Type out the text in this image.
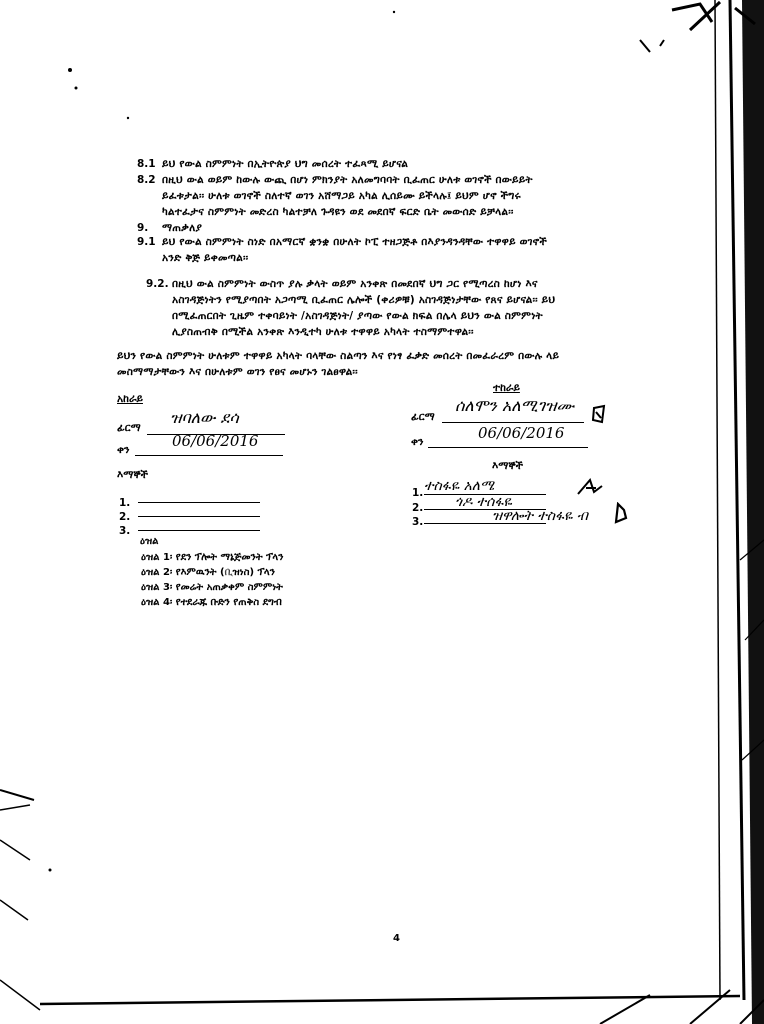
8.1 ይህ የውል ስምምነት በኢትዮጵያ ህግ መሰረት ተፈጻሚ ይሆናል
8.2 በዚህ ውል ወይም ከውሉ ውጪ በሆነ ምክንያት አለመግባባት ቢፈጠር ሁለቱ ወገኖች በውይይት
ይፈቱታል፡፡ ሁለቱ ወገኖች ስለተኛ ወገን አሸማጋይ አካል ሊሰይሙ ይችላሉ፤ ይህም ሆኖ ችግሩ
ካልተፈታና ስምምነት መድረስ ካልተቻለ ጉዳዩን ወደ መደበኛ ፍርድ ቤት መውሰድ ይቻላል፡፡
9. ማጠቃለያ
9.1 ይህ የውል ስምምነት ስነድ በአማርኛ ቋንቋ በሁለት ኮፒ ተዘጋጅቶ በእያንዳንዳቸው ተዋዋይ ወገኖች
አንድ ቅጅ ይቀመጣል፡፡
9.2. በዚህ ውል ስምምነት ውስጥ ያሉ ቃላት ወይም አንቀጽ በመደበኛ ህግ ጋር የሚጣረስ ከሆነ እና
አስገዳጅነትን የሚያጣበት አጋጣሚ ቢፈጠር ሌሎች (ቀሪዎቹ) አስገዳጅነታቸው የጸና ይሆናል፡፡ ይህ
በሚፈጠርበት ጊዜም ተቀባይነት /አስገዳጅነት/ ያጣው የውል ክፍል በሌላ ይህን ውል ስምምነት
ሊያስጠብቅ በሚችል አንቀጽ እንዲተካ ሁለቱ ተዋዋይ አካላት ተስማምተዋል፡፡
ይህን የውል ስምምነት ሁለቱም ተዋዋይ አካላት ባላቸው ስልጣን እና የነፃ ፈቃድ መሰረት በመፈራረም በውሉ ላይ
መስማማታቸውን እና በሁለቱም ወገን የፀና መሆኑን ገልፀዋል፡፡
አከራይ
ፊርማ
ዝባለው ደሳ
ቀን	06/06/2016
እማኞች
1.
2.
3.
ተከራይ
ፊርማ
ሰለሞን አለሚገዝሙ
ቀን	06/06/2016
እማኞች
1. ተስፋዬ አለሜ
2. ጎዶ ተሰፋዬ
3.	ዝዋሎት ተስፋዬ ብ
ዕዝል
ዕዝል 1፡ የደን ፕሎት ማኔጅመንት ፕላን
ዕዝል 2፡ የእምዉንት (ቢዝነስ) ፕላን
ዕዝል 3፡ የመሬት አጠቃቀም ስምምነት
ዕዝል 4፡ የተደራጁ ቡድን የጠቅስ ደግብ
4
